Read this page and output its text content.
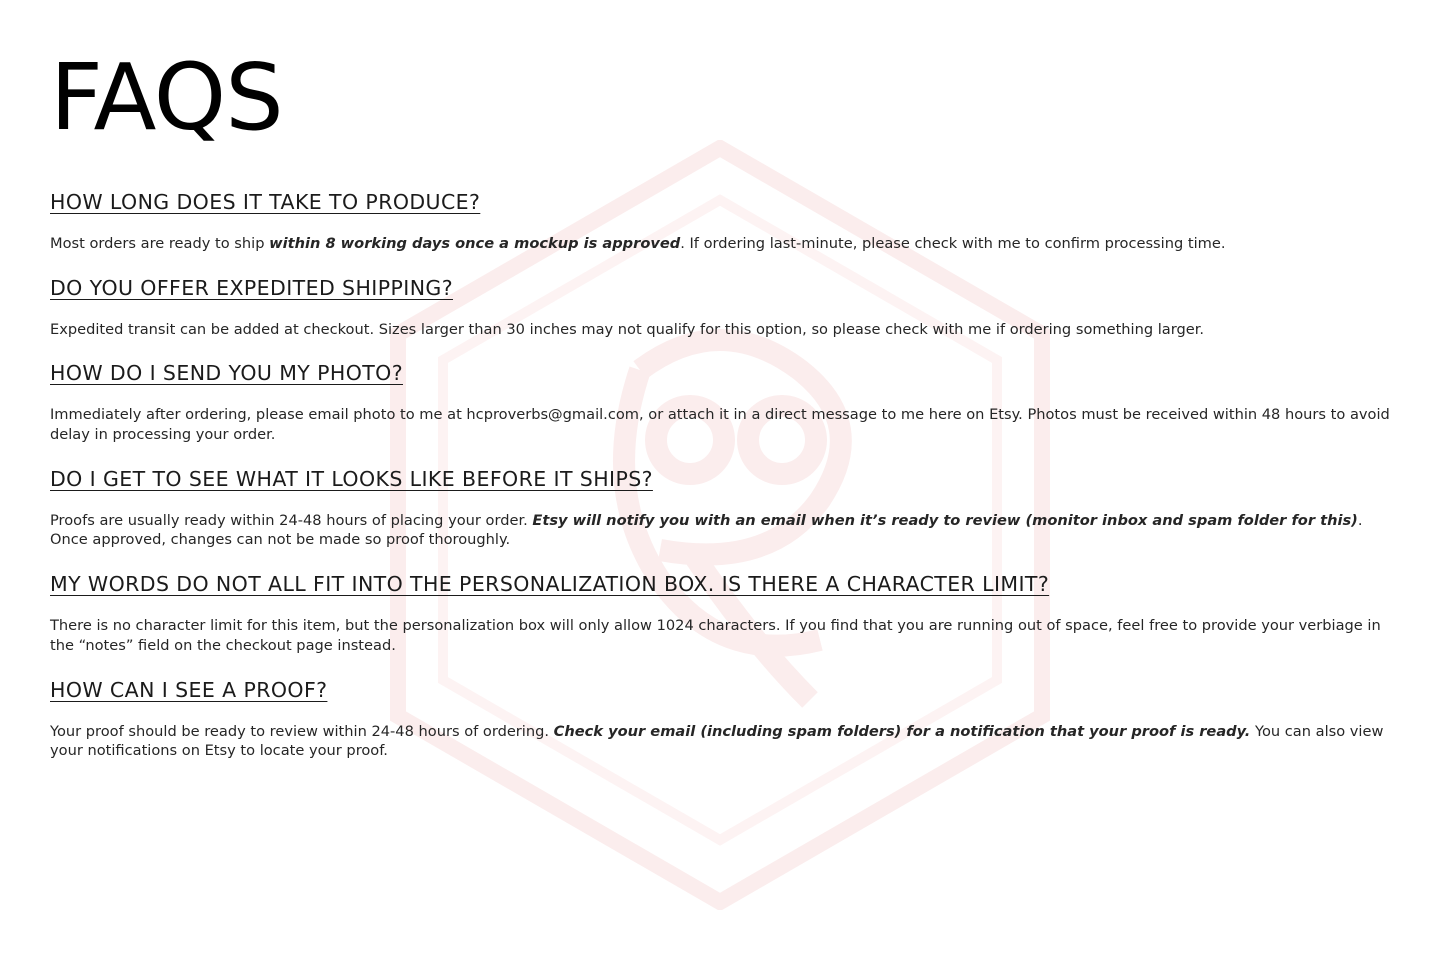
FAQS
HOW LONG DOES IT TAKE TO PRODUCE?

Most orders are ready to ship within 8 working days once a mockup is approved. If ordering last-minute, please check with me to confirm processing time.

DO YOU OFFER EXPEDITED SHIPPING?

Expedited transit can be added at checkout. Sizes larger than 30 inches may not qualify for this option, so please check with me if ordering something larger.

HOW DO I SEND YOU MY PHOTO?

Immediately after ordering, please email photo to me at hcproverbs@gmail.com, or attach it in a direct message to me here on Etsy. Photos must be received within 48 hours to avoid delay in processing your order.

DO I GET TO SEE WHAT IT LOOKS LIKE BEFORE IT SHIPS?

Proofs are usually ready within 24-48 hours of placing your order. Etsy will notify you with an email when it’s ready to review (monitor inbox and spam folder for this). Once approved, changes can not be made so proof thoroughly.

MY WORDS DO NOT ALL FIT INTO THE PERSONALIZATION BOX. IS THERE A CHARACTER LIMIT?

There is no character limit for this item, but the personalization box will only allow 1024 characters. If you find that you are running out of space, feel free to provide your verbiage in the “notes” field on the checkout page instead.

HOW CAN I SEE A PROOF?

Your proof should be ready to review within 24-48 hours of ordering. Check your email (including spam folders) for a notification that your proof is ready. You can also view your notifications on Etsy to locate your proof.
